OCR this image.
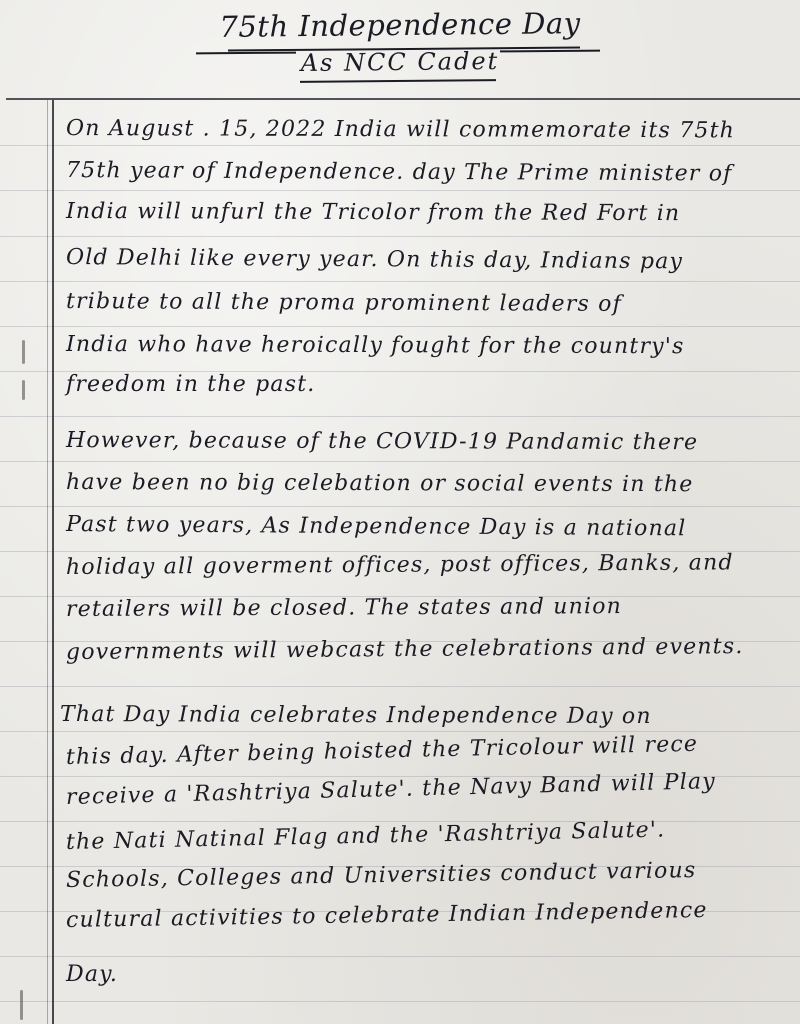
75th Independence Day
As NCC Cadet
On August . 15, 2022 India will commemorate its 75th
75th year of Independence. day The Prime minister of
India will unfurl the Tricolor from the Red Fort in
Old Delhi like every year. On this day, Indians pay
tribute to all the proma prominent leaders of
India who have heroically fought for the country's
freedom in the past.
However, because of the COVID-19 Pandamic there
have been no big celebation or social events in the
Past two years, As Independence Day is a national
holiday all goverment offices, post offices, Banks, and
retailers will be closed. The states and union
governments will webcast the celebrations and events.
That Day India celebrates Independence Day on
this day. After being hoisted the Tricolour will rece
receive a 'Rashtriya Salute'. the Navy Band will Play
the Nati Natinal Flag and the 'Rashtriya Salute'.
Schools, Colleges and Universities conduct various
cultural activities to celebrate Indian Independence
Day.
